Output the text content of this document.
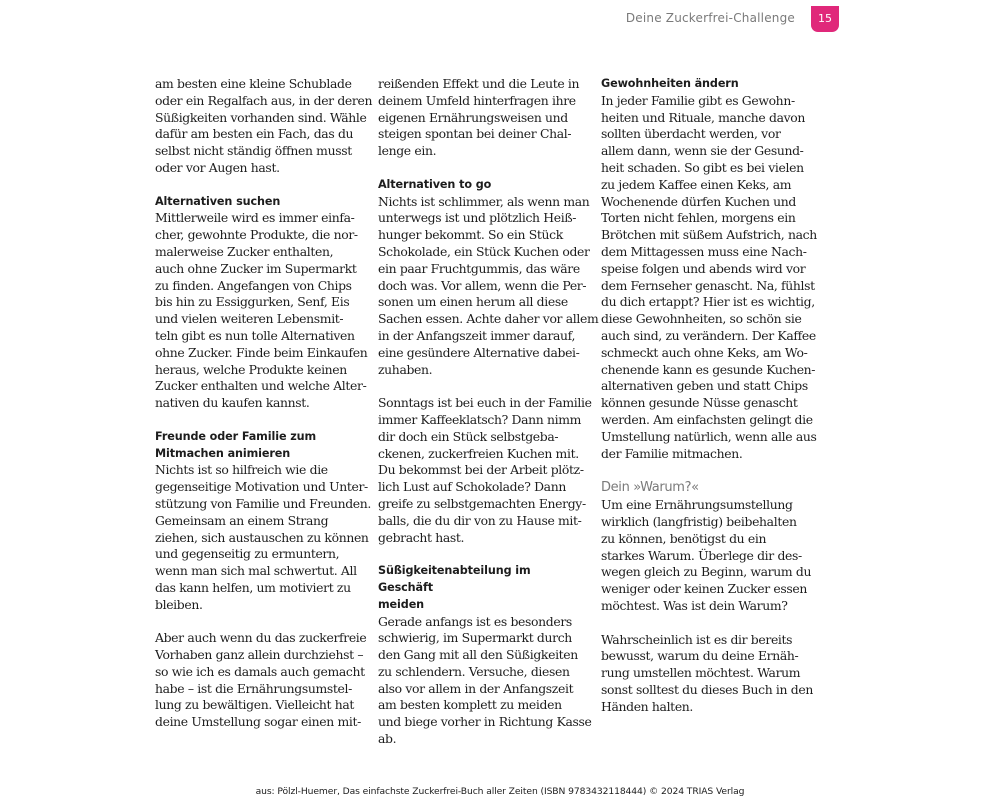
Deine Zuckerfrei-Challenge	15

am besten eine kleine Schublade
oder ein Regalfach aus, in der deren
Süßigkeiten vorhanden sind. Wähle
dafür am besten ein Fach, das du
selbst nicht ständig öffnen musst
oder vor Augen hast.

Alternativen suchen
Mittlerweile wird es immer einfa-
cher, gewohnte Produkte, die nor-
malerweise Zucker enthalten,
auch ohne Zucker im Supermarkt
zu finden. Angefangen von Chips
bis hin zu Essiggurken, Senf, Eis
und vielen weiteren Lebensmit-
teln gibt es nun tolle Alternativen
ohne Zucker. Finde beim Einkaufen
heraus, welche Produkte keinen
Zucker enthalten und welche Alter-
nativen du kaufen kannst.

Freunde oder Familie zum
Mitmachen animieren
Nichts ist so hilfreich wie die
gegenseitige Motivation und Unter-
stützung von Familie und Freunden.
Gemeinsam an einem Strang
ziehen, sich austauschen zu können
und gegenseitig zu ermuntern,
wenn man sich mal schwertut. All
das kann helfen, um motiviert zu
bleiben.

Aber auch wenn du das zuckerfreie
Vorhaben ganz allein durchziehst –
so wie ich es damals auch gemacht
habe – ist die Ernährungsumstel-
lung zu bewältigen. Vielleicht hat
deine Umstellung sogar einen mit-

reißenden Effekt und die Leute in
deinem Umfeld hinterfragen ihre
eigenen Ernährungsweisen und
steigen spontan bei deiner Chal-
lenge ein.

Alternativen to go
Nichts ist schlimmer, als wenn man
unterwegs ist und plötzlich Heiß-
hunger bekommt. So ein Stück
Schokolade, ein Stück Kuchen oder
ein paar Fruchtgummis, das wäre
doch was. Vor allem, wenn die Per-
sonen um einen herum all diese
Sachen essen. Achte daher vor allem
in der Anfangszeit immer darauf,
eine gesündere Alternative dabei-
zuhaben.

Sonntags ist bei euch in der Familie
immer Kaffeeklatsch? Dann nimm
dir doch ein Stück selbstgeba-
ckenen, zuckerfreien Kuchen mit.
Du bekommst bei der Arbeit plötz-
lich Lust auf Schokolade? Dann
greife zu selbstgemachten Energy-
balls, die du dir von zu Hause mit-
gebracht hast.

Süßigkeitenabteilung im Geschäft
meiden
Gerade anfangs ist es besonders
schwierig, im Supermarkt durch
den Gang mit all den Süßigkeiten
zu schlendern. Versuche, diesen
also vor allem in der Anfangszeit
am besten komplett zu meiden
und biege vorher in Richtung Kasse
ab.

Gewohnheiten ändern
In jeder Familie gibt es Gewohn-
heiten und Rituale, manche davon
sollten überdacht werden, vor
allem dann, wenn sie der Gesund-
heit schaden. So gibt es bei vielen
zu jedem Kaffee einen Keks, am
Wochenende dürfen Kuchen und
Torten nicht fehlen, morgens ein
Brötchen mit süßem Aufstrich, nach
dem Mittagessen muss eine Nach-
speise folgen und abends wird vor
dem Fernseher genascht. Na, fühlst
du dich ertappt? Hier ist es wichtig,
diese Gewohnheiten, so schön sie
auch sind, zu verändern. Der Kaffee
schmeckt auch ohne Keks, am Wo-
chenende kann es gesunde Kuchen-
alternativen geben und statt Chips
können gesunde Nüsse genascht
werden. Am einfachsten gelingt die
Umstellung natürlich, wenn alle aus
der Familie mitmachen.

Dein »Warum?«

Um eine Ernährungsumstellung
wirklich (langfristig) beibehalten
zu können, benötigst du ein
starkes Warum. Überlege dir des-
wegen gleich zu Beginn, warum du
weniger oder keinen Zucker essen
möchtest. Was ist dein Warum?

Wahrscheinlich ist es dir bereits
bewusst, warum du deine Ernäh-
rung umstellen möchtest. Warum
sonst solltest du dieses Buch in den
Händen halten.

aus: Pölzl-Huemer, Das einfachste Zuckerfrei-Buch aller Zeiten (ISBN 9783432118444) © 2024 TRIAS Verlag
